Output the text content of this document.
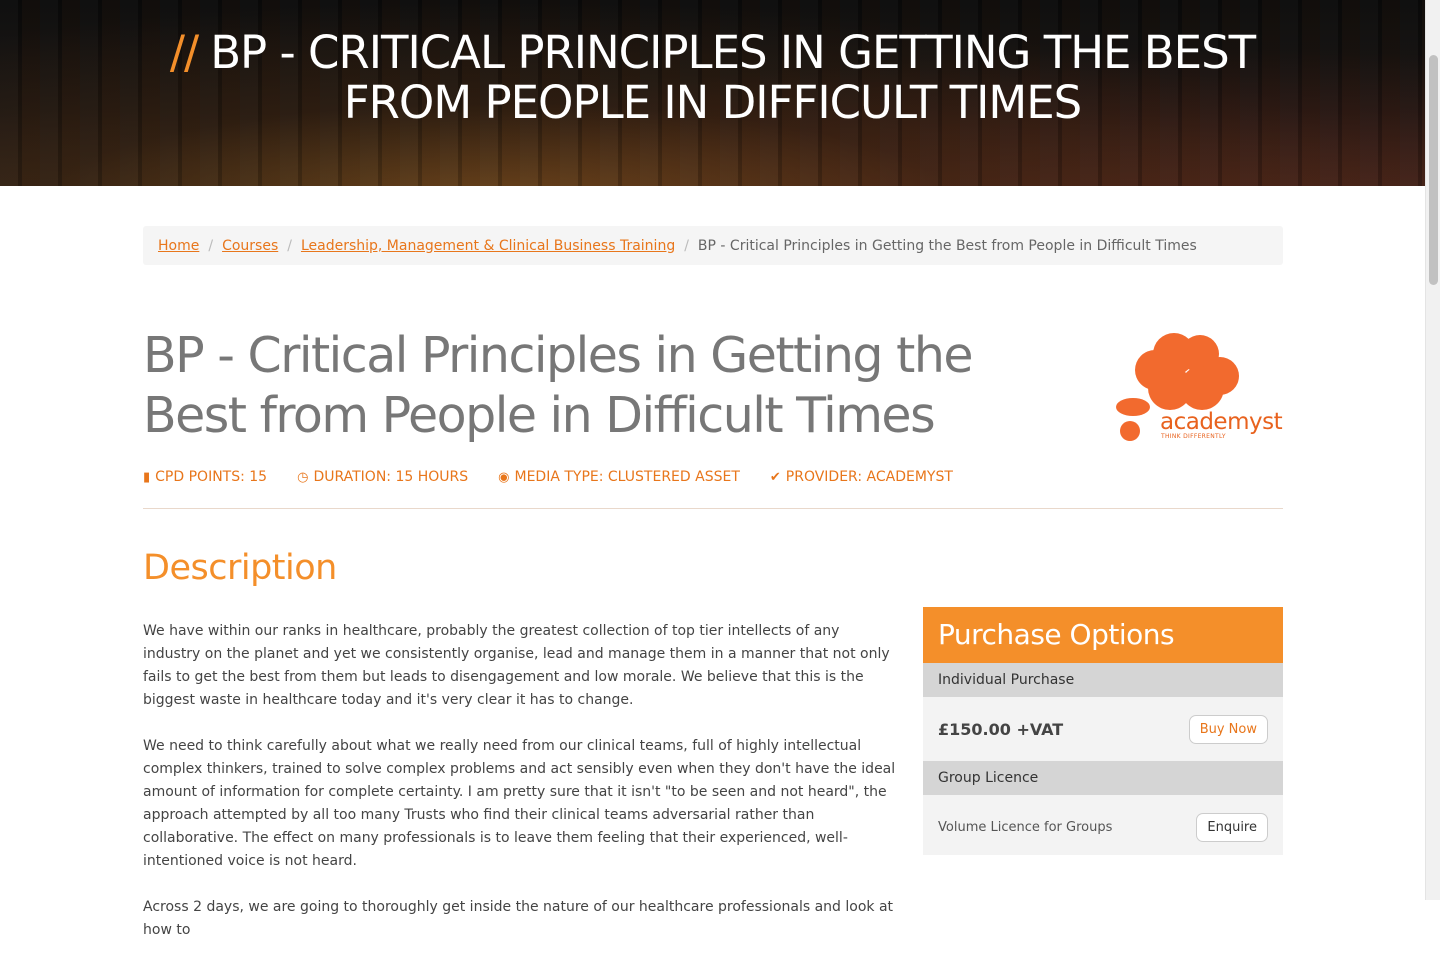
// BP - CRITICAL PRINCIPLES IN GETTING THE BEST FROM PEOPLE IN DIFFICULT TIMES
Home / Courses / Leadership, Management & Clinical Business Training / BP - Critical Principles in Getting the Best from People in Difficult Times
BP - Critical Principles in Getting the Best from People in Difficult Times	academyst
THINK DIFFERENTLY
▮ CPD POINTS: 15 ◷ DURATION: 15 HOURS ◉ MEDIA TYPE: CLUSTERED ASSET ✔ PROVIDER: ACADEMYST
Description

We have within our ranks in healthcare, probably the greatest collection of top tier intellects of any industry on the planet and yet we consistently organise, lead and manage them in a manner that not only fails to get the best from them but leads to disengagement and low morale. We believe that this is the biggest waste in healthcare today and it's very clear it has to change.

We need to think carefully about what we really need from our clinical teams, full of highly intellectual complex thinkers, trained to solve complex problems and act sensibly even when they don't have the ideal amount of information for complete certainty. I am pretty sure that it isn't "to be seen and not heard", the approach attempted by all too many Trusts who find their clinical teams adversarial rather than collaborative. The effect on many professionals is to leave them feeling that their experienced, well-intentioned voice is not heard.

Across 2 days, we are going to thoroughly get inside the nature of our healthcare professionals and look at how to

Purchase Options
Individual Purchase
£150.00 +VAT	Buy Now
Group Licence
Volume Licence for Groups	Enquire
